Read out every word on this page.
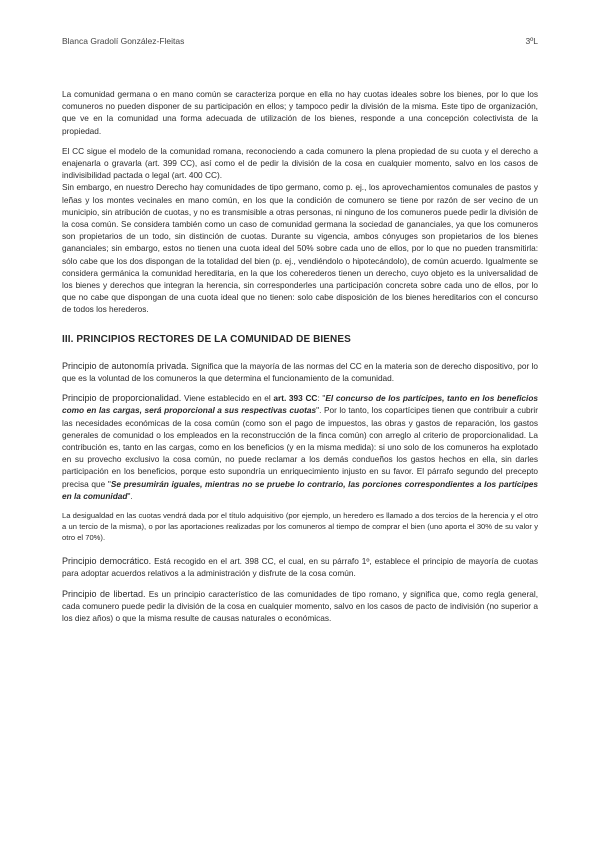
Blanca Gradolí González-Fleitas	3ºL

La comunidad germana o en mano común se caracteriza porque en ella no hay cuotas ideales sobre los bienes, por lo que los comuneros no pueden disponer de su participación en ellos; y tampoco pedir la división de la misma. Este tipo de organización, que ve en la comunidad una forma adecuada de utilización de los bienes, responde a una concepción colectivista de la propiedad.

El CC sigue el modelo de la comunidad romana, reconociendo a cada comunero la plena propiedad de su cuota y el derecho a enajenarla o gravarla (art. 399 CC), así como el de pedir la división de la cosa en cualquier momento, salvo en los casos de indivisibilidad pactada o legal (art. 400 CC).

Sin embargo, en nuestro Derecho hay comunidades de tipo germano, como p. ej., los aprovechamientos comunales de pastos y leñas y los montes vecinales en mano común, en los que la condición de comunero se tiene por razón de ser vecino de un municipio, sin atribución de cuotas, y no es transmisible a otras personas, ni ninguno de los comuneros puede pedir la división de la cosa común. Se considera también como un caso de comunidad germana la sociedad de gananciales, ya que los comuneros son propietarios de un todo, sin distinción de cuotas. Durante su vigencia, ambos cónyuges son propietarios de los bienes gananciales; sin embargo, estos no tienen una cuota ideal del 50% sobre cada uno de ellos, por lo que no pueden transmitirla: sólo cabe que los dos dispongan de la totalidad del bien (p. ej., vendiéndolo o hipotecándolo), de común acuerdo. Igualmente se considera germánica la comunidad hereditaria, en la que los coherederos tienen un derecho, cuyo objeto es la universalidad de los bienes y derechos que integran la herencia, sin corresponderles una participación concreta sobre cada uno de ellos, por lo que no cabe que dispongan de una cuota ideal que no tienen: solo cabe disposición de los bienes hereditarios con el concurso de todos los herederos.

III. PRINCIPIOS RECTORES DE LA COMUNIDAD DE BIENES

Principio de autonomía privada. Significa que la mayoría de las normas del CC en la materia son de derecho dispositivo, por lo que es la voluntad de los comuneros la que determina el funcionamiento de la comunidad.

Principio de proporcionalidad. Viene establecido en el art. 393 CC: "El concurso de los partícipes, tanto en los beneficios como en las cargas, será proporcional a sus respectivas cuotas". Por lo tanto, los copartícipes tienen que contribuir a cubrir las necesidades económicas de la cosa común (como son el pago de impuestos, las obras y gastos de reparación, los gastos generales de comunidad o los empleados en la reconstrucción de la finca común) con arreglo al criterio de proporcionalidad. La contribución es, tanto en las cargas, como en los beneficios (y en la misma medida): si uno solo de los comuneros ha explotado en su provecho exclusivo la cosa común, no puede reclamar a los demás condueños los gastos hechos en ella, sin darles participación en los beneficios, porque esto supondría un enriquecimiento injusto en su favor. El párrafo segundo del precepto precisa que "Se presumirán iguales, mientras no se pruebe lo contrario, las porciones correspondientes a los partícipes en la comunidad".

La desigualdad en las cuotas vendrá dada por el título adquisitivo (por ejemplo, un heredero es llamado a dos tercios de la herencia y el otro a un tercio de la misma), o por las aportaciones realizadas por los comuneros al tiempo de comprar el bien (uno aporta el 30% de su valor y otro el 70%).

Principio democrático. Está recogido en el art. 398 CC, el cual, en su párrafo 1º, establece el principio de mayoría de cuotas para adoptar acuerdos relativos a la administración y disfrute de la cosa común.

Principio de libertad. Es un principio característico de las comunidades de tipo romano, y significa que, como regla general, cada comunero puede pedir la división de la cosa en cualquier momento, salvo en los casos de pacto de indivisión (no superior a los diez años) o que la misma resulte de causas naturales o económicas.
